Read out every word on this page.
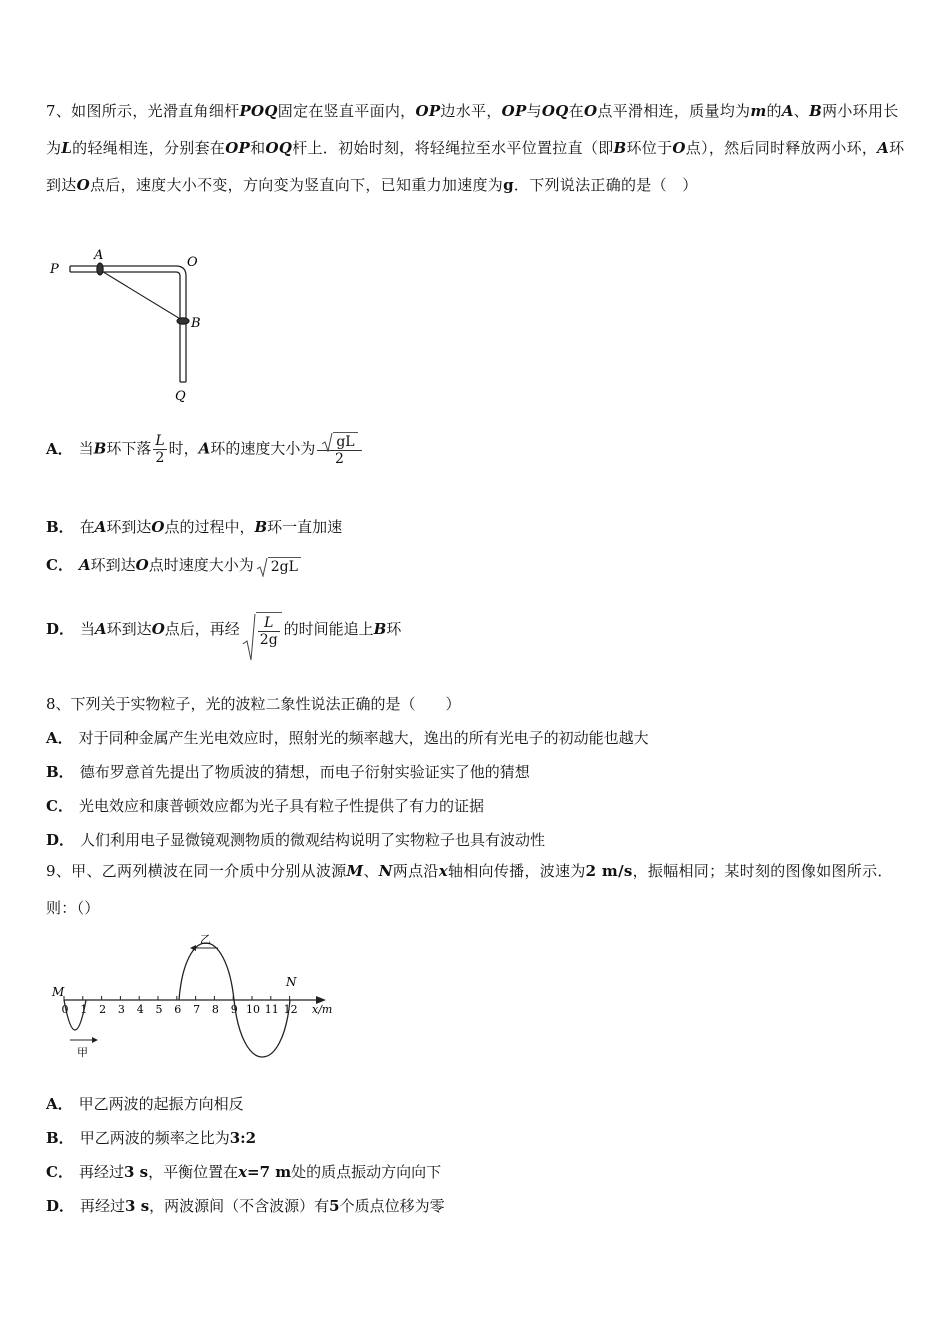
7、如图所示，光滑直角细杆POQ固定在竖直平面内，OP边水平，OP与OQ在O点平滑相连，质量均为m的A、B两小环用长为L的轻绳相连，分别套在OP和OQ杆上．初始时刻，将轻绳拉至水平位置拉直（即B环位于O点），然后同时释放两小环，A环到达O点后，速度大小不变，方向变为竖直向下，已知重力加速度为g．下列说法正确的是（　）
P
A	O
B
Q
A． 当B环下落 $\frac{L}{2}$ 时，A环的速度大小为 $\frac{gL}{2}$
B． 在A环到达O点的过程中，B环一直加速
C． A环到达O点时速度大小为 2gL
D． 当A环到达O点后，再经 $\frac{L}{2g}$ 的时间能追上B环
8、下列关于实物粒子，光的波粒二象性说法正确的是（　　）
A． 对于同种金属产生光电效应时，照射光的频率越大，逸出的所有光电子的初动能也越大
B． 德布罗意首先提出了物质波的猜想，而电子衍射实验证实了他的猜想
C． 光电效应和康普顿效应都为光子具有粒子性提供了有力的证据
D． 人们利用电子显微镜观测物质的微观结构说明了实物粒子也具有波动性
9、甲、乙两列横波在同一介质中分别从波源M、N两点沿x轴相向传播，波速为2 m/s，振幅相同；某时刻的图像如图所示．则：（）
0 1 2 3 4 5 6 7 8 9 10 11 12
甲
乙
M
N
x/m
A． 甲乙两波的起振方向相反
B． 甲乙两波的频率之比为3:2
C． 再经过3 s，平衡位置在x=7 m处的质点振动方向向下
D． 再经过3 s，两波源间（不含波源）有5个质点位移为零
